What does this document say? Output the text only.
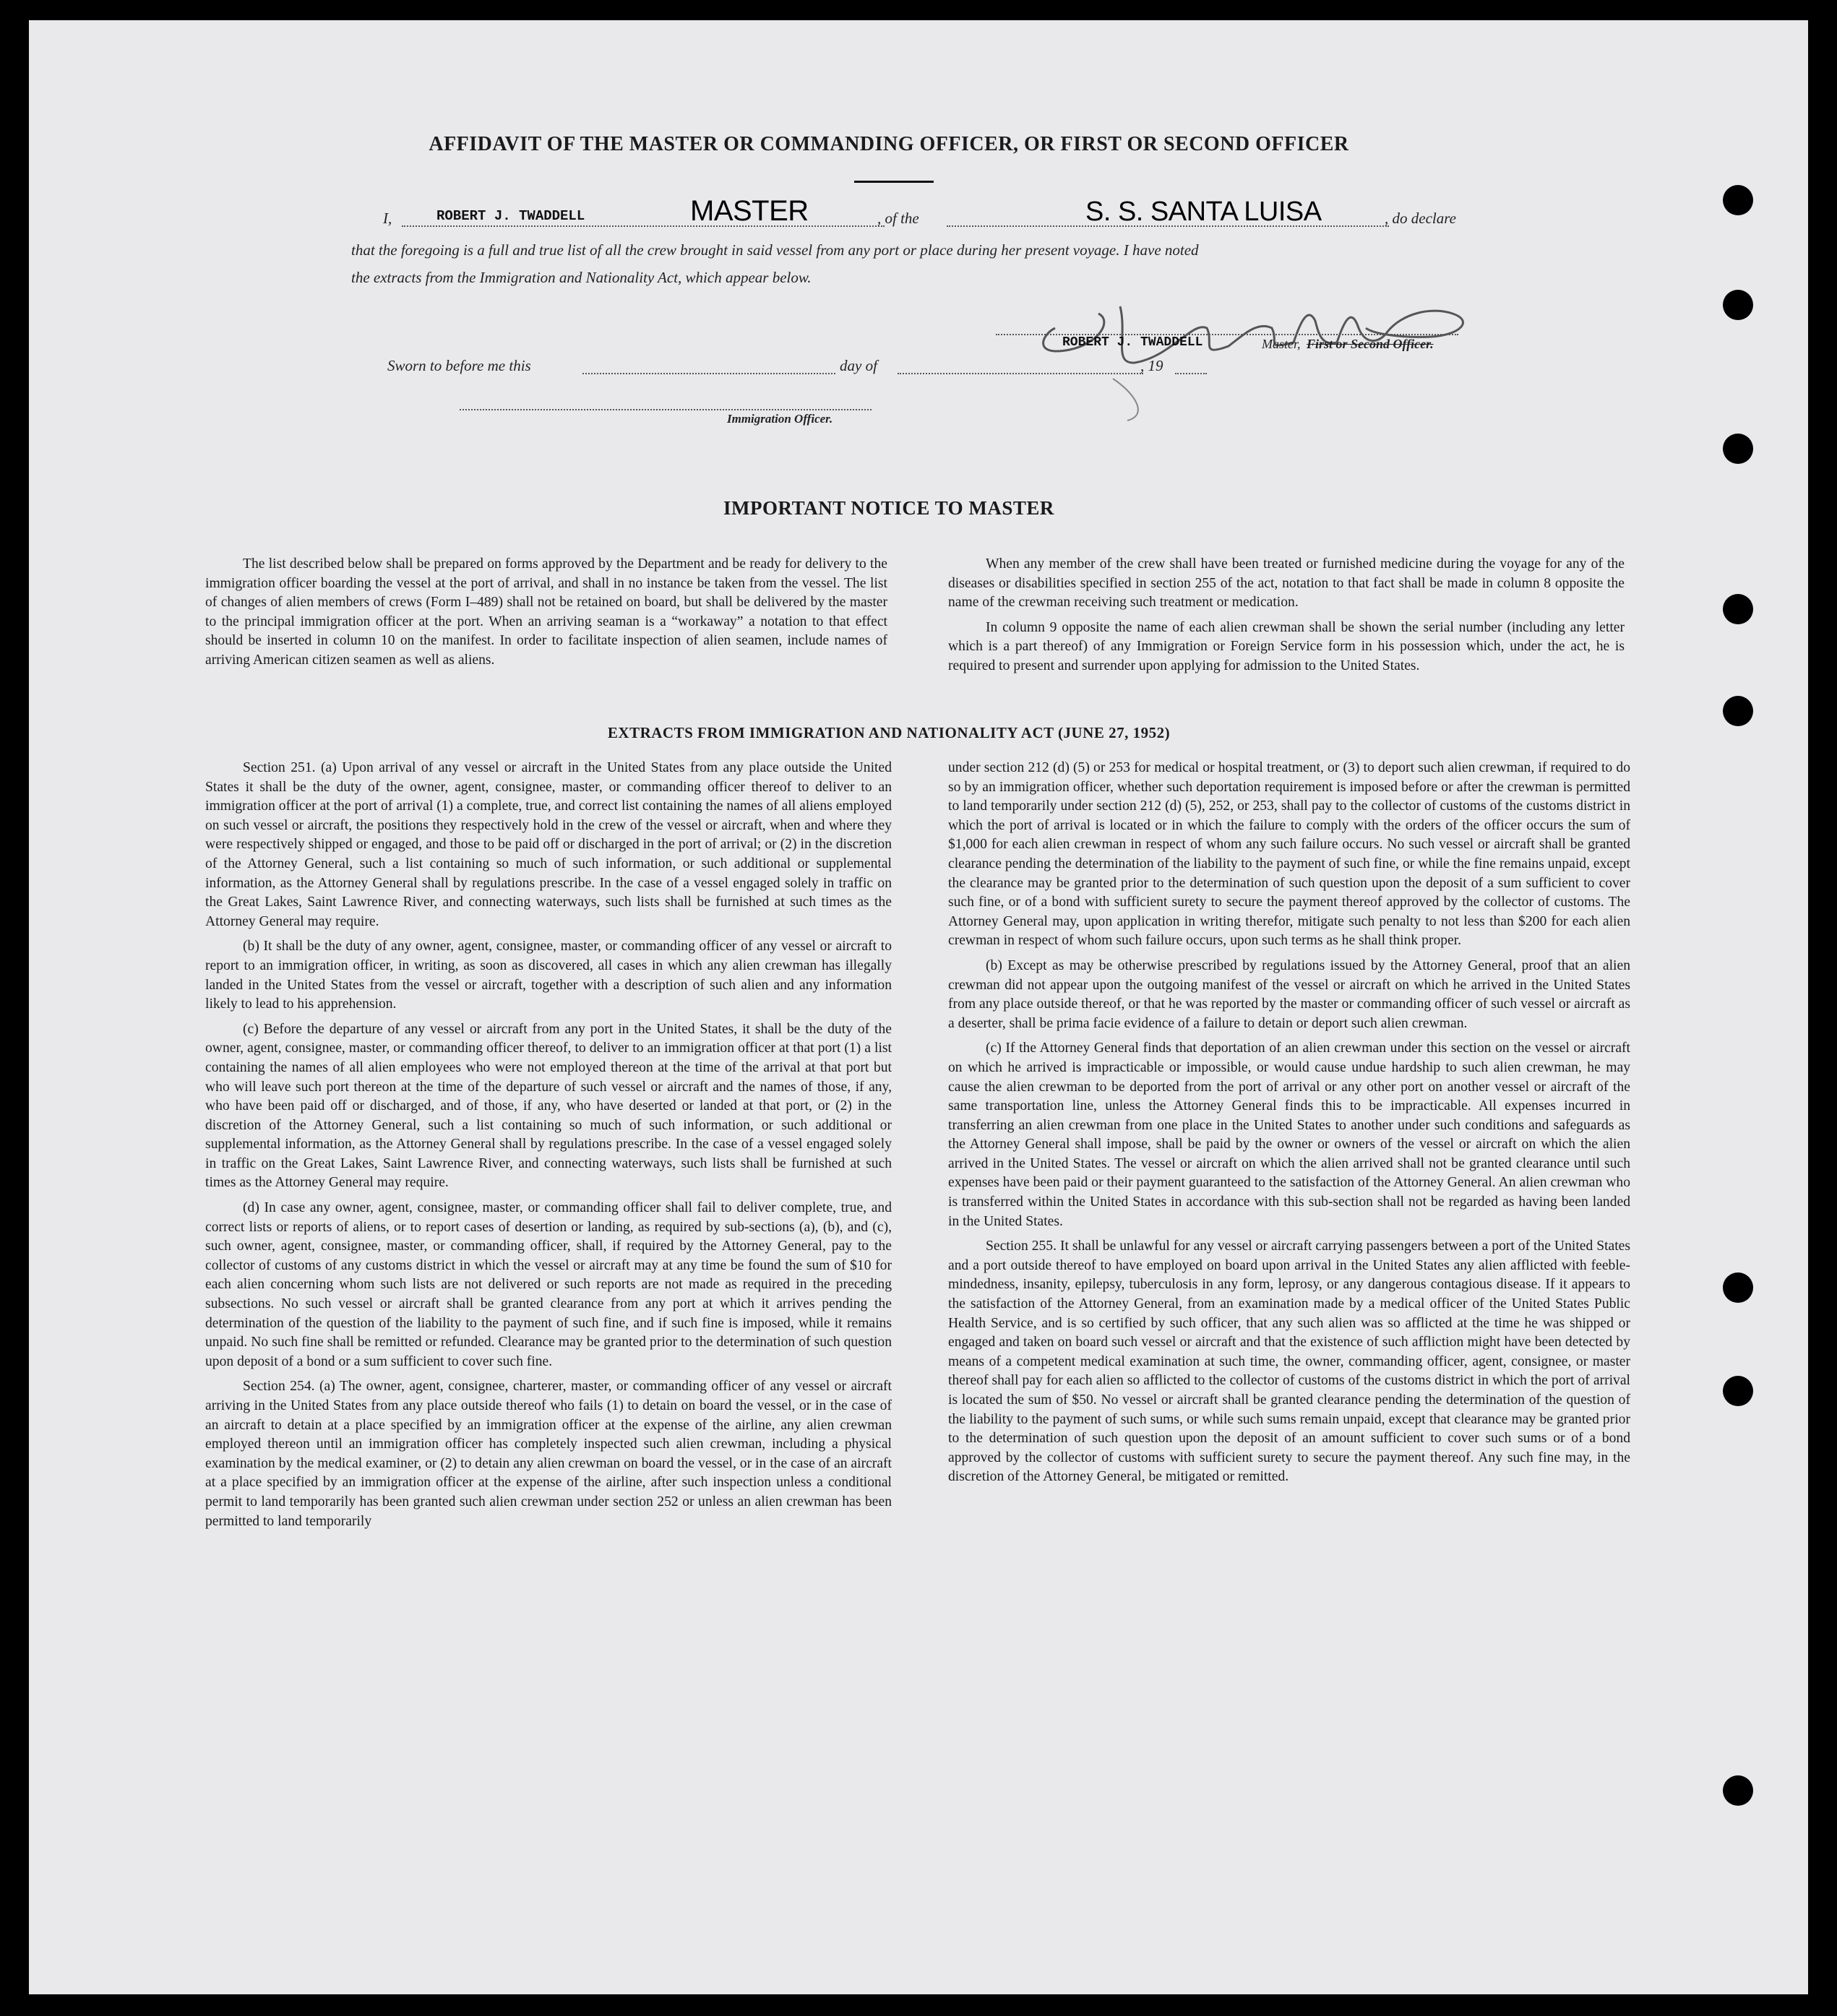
AFFIDAVIT OF THE MASTER OR COMMANDING OFFICER, OR FIRST OR SECOND OFFICER
I,	ROBERT J. TWADDELL	MASTER	, of the	S. S. SANTA LUISA	, do declare
that the foregoing is a full and true list of all the crew brought in said vessel from any port or place during her present voyage. I have noted
the extracts from the Immigration and Nationality Act, which appear below.
ROBERT J. TWADDELL	Master, First or Second Officer.
Sworn to before me this	day of	, 19
Immigration Officer.
IMPORTANT NOTICE TO MASTER

The list described below shall be prepared on forms approved by the Department and be ready for delivery to the immigration officer boarding the vessel at the port of arrival, and shall in no instance be taken from the vessel. The list of changes of alien members of crews (Form I–489) shall not be retained on board, but shall be delivered by the master to the principal immigration officer at the port. When an arriving seaman is a “workaway” a notation to that effect should be inserted in column 10 on the manifest. In order to facilitate inspection of alien seamen, include names of arriving American citizen seamen as well as aliens.

When any member of the crew shall have been treated or furnished medicine during the voyage for any of the diseases or disabilities specified in section 255 of the act, notation to that fact shall be made in column 8 opposite the name of the crewman receiving such treatment or medication.

In column 9 opposite the name of each alien crewman shall be shown the serial number (including any letter which is a part thereof) of any Immigration or Foreign Service form in his possession which, under the act, he is required to present and surrender upon applying for admission to the United States.

EXTRACTS FROM IMMIGRATION AND NATIONALITY ACT (JUNE 27, 1952)

Section 251. (a) Upon arrival of any vessel or aircraft in the United States from any place outside the United States it shall be the duty of the owner, agent, consignee, master, or commanding officer thereof to deliver to an immigration officer at the port of arrival (1) a complete, true, and correct list containing the names of all aliens employed on such vessel or aircraft, the positions they respectively hold in the crew of the vessel or aircraft, when and where they were respectively shipped or engaged, and those to be paid off or discharged in the port of arrival; or (2) in the discretion of the Attorney General, such a list containing so much of such information, or such additional or supplemental information, as the Attorney General shall by regulations prescribe. In the case of a vessel engaged solely in traffic on the Great Lakes, Saint Lawrence River, and connecting waterways, such lists shall be furnished at such times as the Attorney General may require.

(b) It shall be the duty of any owner, agent, consignee, master, or commanding officer of any vessel or aircraft to report to an immigration officer, in writing, as soon as discovered, all cases in which any alien crewman has illegally landed in the United States from the vessel or aircraft, together with a description of such alien and any information likely to lead to his apprehension.

(c) Before the departure of any vessel or aircraft from any port in the United States, it shall be the duty of the owner, agent, consignee, master, or commanding officer thereof, to deliver to an immigration officer at that port (1) a list containing the names of all alien employees who were not employed thereon at the time of the arrival at that port but who will leave such port thereon at the time of the departure of such vessel or aircraft and the names of those, if any, who have been paid off or discharged, and of those, if any, who have deserted or landed at that port, or (2) in the discretion of the Attorney General, such a list containing so much of such information, or such additional or supplemental information, as the Attorney General shall by regulations prescribe. In the case of a vessel engaged solely in traffic on the Great Lakes, Saint Lawrence River, and connecting waterways, such lists shall be furnished at such times as the Attorney General may require.

(d) In case any owner, agent, consignee, master, or commanding officer shall fail to deliver complete, true, and correct lists or reports of aliens, or to report cases of desertion or landing, as required by sub-sections (a), (b), and (c), such owner, agent, consignee, master, or commanding officer, shall, if required by the Attorney General, pay to the collector of customs of any customs district in which the vessel or aircraft may at any time be found the sum of $10 for each alien concerning whom such lists are not delivered or such reports are not made as required in the preceding subsections. No such vessel or aircraft shall be granted clearance from any port at which it arrives pending the determination of the question of the liability to the payment of such fine, and if such fine is imposed, while it remains unpaid. No such fine shall be remitted or refunded. Clearance may be granted prior to the determination of such question upon deposit of a bond or a sum sufficient to cover such fine.

Section 254. (a) The owner, agent, consignee, charterer, master, or commanding officer of any vessel or aircraft arriving in the United States from any place outside thereof who fails (1) to detain on board the vessel, or in the case of an aircraft to detain at a place specified by an immigration officer at the expense of the airline, any alien crewman employed thereon until an immigration officer has completely inspected such alien crewman, including a physical examination by the medical examiner, or (2) to detain any alien crewman on board the vessel, or in the case of an aircraft at a place specified by an immigration officer at the expense of the airline, after such inspection unless a conditional permit to land temporarily has been granted such alien crewman under section 252 or unless an alien crewman has been permitted to land temporarily

under section 212 (d) (5) or 253 for medical or hospital treatment, or (3) to deport such alien crewman, if required to do so by an immigration officer, whether such deportation requirement is imposed before or after the crewman is permitted to land temporarily under section 212 (d) (5), 252, or 253, shall pay to the collector of customs of the customs district in which the port of arrival is located or in which the failure to comply with the orders of the officer occurs the sum of $1,000 for each alien crewman in respect of whom any such failure occurs. No such vessel or aircraft shall be granted clearance pending the determination of the liability to the payment of such fine, or while the fine remains unpaid, except the clearance may be granted prior to the determination of such question upon the deposit of a sum sufficient to cover such fine, or of a bond with sufficient surety to secure the payment thereof approved by the collector of customs. The Attorney General may, upon application in writing therefor, mitigate such penalty to not less than $200 for each alien crewman in respect of whom such failure occurs, upon such terms as he shall think proper.

(b) Except as may be otherwise prescribed by regulations issued by the Attorney General, proof that an alien crewman did not appear upon the outgoing manifest of the vessel or aircraft on which he arrived in the United States from any place outside thereof, or that he was reported by the master or commanding officer of such vessel or aircraft as a deserter, shall be prima facie evidence of a failure to detain or deport such alien crewman.

(c) If the Attorney General finds that deportation of an alien crewman under this section on the vessel or aircraft on which he arrived is impracticable or impossible, or would cause undue hardship to such alien crewman, he may cause the alien crewman to be deported from the port of arrival or any other port on another vessel or aircraft of the same transportation line, unless the Attorney General finds this to be impracticable. All expenses incurred in transferring an alien crewman from one place in the United States to another under such conditions and safeguards as the Attorney General shall impose, shall be paid by the owner or owners of the vessel or aircraft on which the alien arrived in the United States. The vessel or aircraft on which the alien arrived shall not be granted clearance until such expenses have been paid or their payment guaranteed to the satisfaction of the Attorney General. An alien crewman who is transferred within the United States in accordance with this sub-section shall not be regarded as having been landed in the United States.

Section 255. It shall be unlawful for any vessel or aircraft carrying passengers between a port of the United States and a port outside thereof to have employed on board upon arrival in the United States any alien afflicted with feeble-mindedness, insanity, epilepsy, tuberculosis in any form, leprosy, or any dangerous contagious disease. If it appears to the satisfaction of the Attorney General, from an examination made by a medical officer of the United States Public Health Service, and is so certified by such officer, that any such alien was so afflicted at the time he was shipped or engaged and taken on board such vessel or aircraft and that the existence of such affliction might have been detected by means of a competent medical examination at such time, the owner, commanding officer, agent, consignee, or master thereof shall pay for each alien so afflicted to the collector of customs of the customs district in which the port of arrival is located the sum of $50. No vessel or aircraft shall be granted clearance pending the determination of the question of the liability to the payment of such sums, or while such sums remain unpaid, except that clearance may be granted prior to the determination of such question upon the deposit of an amount sufficient to cover such sums or of a bond approved by the collector of customs with sufficient surety to secure the payment thereof. Any such fine may, in the discretion of the Attorney General, be mitigated or remitted.
